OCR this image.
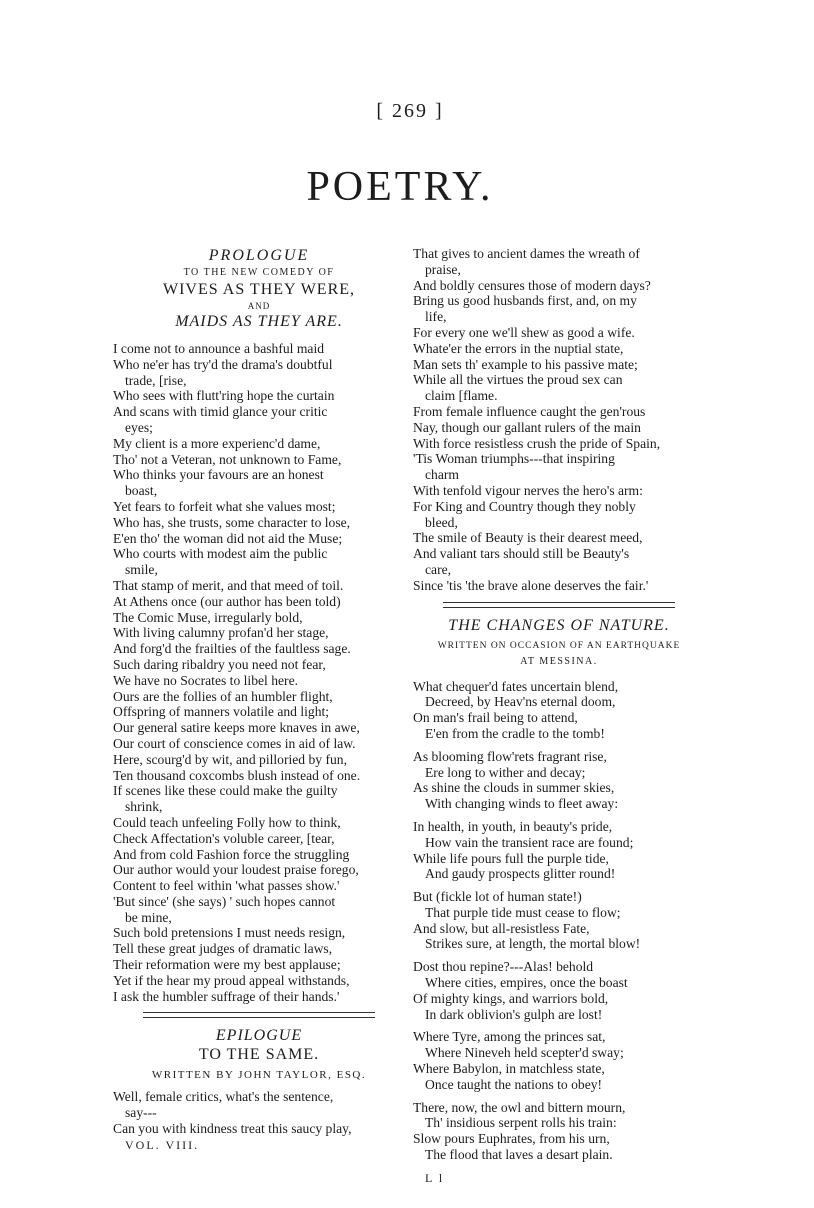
[ 269 ]
POETRY.
PROLOGUE
TO THE NEW COMEDY OF
WIVES AS THEY WERE,
AND
MAIDS AS THEY ARE.
I come not to announce a bashful maid
Who ne'er has try'd the drama's doubtful
trade, [rise,
Who sees with flutt'ring hope the curtain
And scans with timid glance your critic
eyes;
My client is a more experienc'd dame,
Tho' not a Veteran, not unknown to Fame,
Who thinks your favours are an honest
boast,
Yet fears to forfeit what she values most;
Who has, she trusts, some character to lose,
E'en tho' the woman did not aid the Muse;
Who courts with modest aim the public
smile,
That stamp of merit, and that meed of toil.
At Athens once (our author has been told)
The Comic Muse, irregularly bold,
With living calumny profan'd her stage,
And forg'd the frailties of the faultless sage.
Such daring ribaldry you need not fear,
We have no Socrates to libel here.
Ours are the follies of an humbler flight,
Offspring of manners volatile and light;
Our general satire keeps more knaves in awe,
Our court of conscience comes in aid of law.
Here, scourg'd by wit, and pilloried by fun,
Ten thousand coxcombs blush instead of one.
If scenes like these could make the guilty
shrink,
Could teach unfeeling Folly how to think,
Check Affectation's voluble career, [tear,
And from cold Fashion force the struggling
Our author would your loudest praise forego,
Content to feel within 'what passes show.'
'But since' (she says) ' such hopes cannot
be mine,
Such bold pretensions I must needs resign,
Tell these great judges of dramatic laws,
Their reformation were my best applause;
Yet if the hear my proud appeal withstands,
I ask the humbler suffrage of their hands.'
EPILOGUE
TO THE SAME.
WRITTEN BY JOHN TAYLOR, ESQ.
Well, female critics, what's the sentence,
say---
Can you with kindness treat this saucy play,
VOL. VIII.
That gives to ancient dames the wreath of
praise,
And boldly censures those of modern days?
Bring us good husbands first, and, on my
life,
For every one we'll shew as good a wife.
Whate'er the errors in the nuptial state,
Man sets th' example to his passive mate;
While all the virtues the proud sex can
claim [flame.
From female influence caught the gen'rous
Nay, though our gallant rulers of the main
With force resistless crush the pride of Spain,
'Tis Woman triumphs---that inspiring
charm
With tenfold vigour nerves the hero's arm:
For King and Country though they nobly
bleed,
The smile of Beauty is their dearest meed,
And valiant tars should still be Beauty's
care,
Since 'tis 'the brave alone deserves the fair.'
THE CHANGES OF NATURE.
WRITTEN ON OCCASION OF AN EARTHQUAKE
AT MESSINA.
What chequer'd fates uncertain blend,
Decreed, by Heav'ns eternal doom,
On man's frail being to attend,
E'en from the cradle to the tomb!
As blooming flow'rets fragrant rise,
Ere long to wither and decay;
As shine the clouds in summer skies,
With changing winds to fleet away:
In health, in youth, in beauty's pride,
How vain the transient race are found;
While life pours full the purple tide,
And gaudy prospects glitter round!
But (fickle lot of human state!)
That purple tide must cease to flow;
And slow, but all-resistless Fate,
Strikes sure, at length, the mortal blow!
Dost thou repine?---Alas! behold
Where cities, empires, once the boast
Of mighty kings, and warriors bold,
In dark oblivion's gulph are lost!
Where Tyre, among the princes sat,
Where Nineveh held scepter'd sway;
Where Babylon, in matchless state,
Once taught the nations to obey!
There, now, the owl and bittern mourn,
Th' insidious serpent rolls his train:
Slow pours Euphrates, from his urn,
The flood that laves a desart plain.
L l
